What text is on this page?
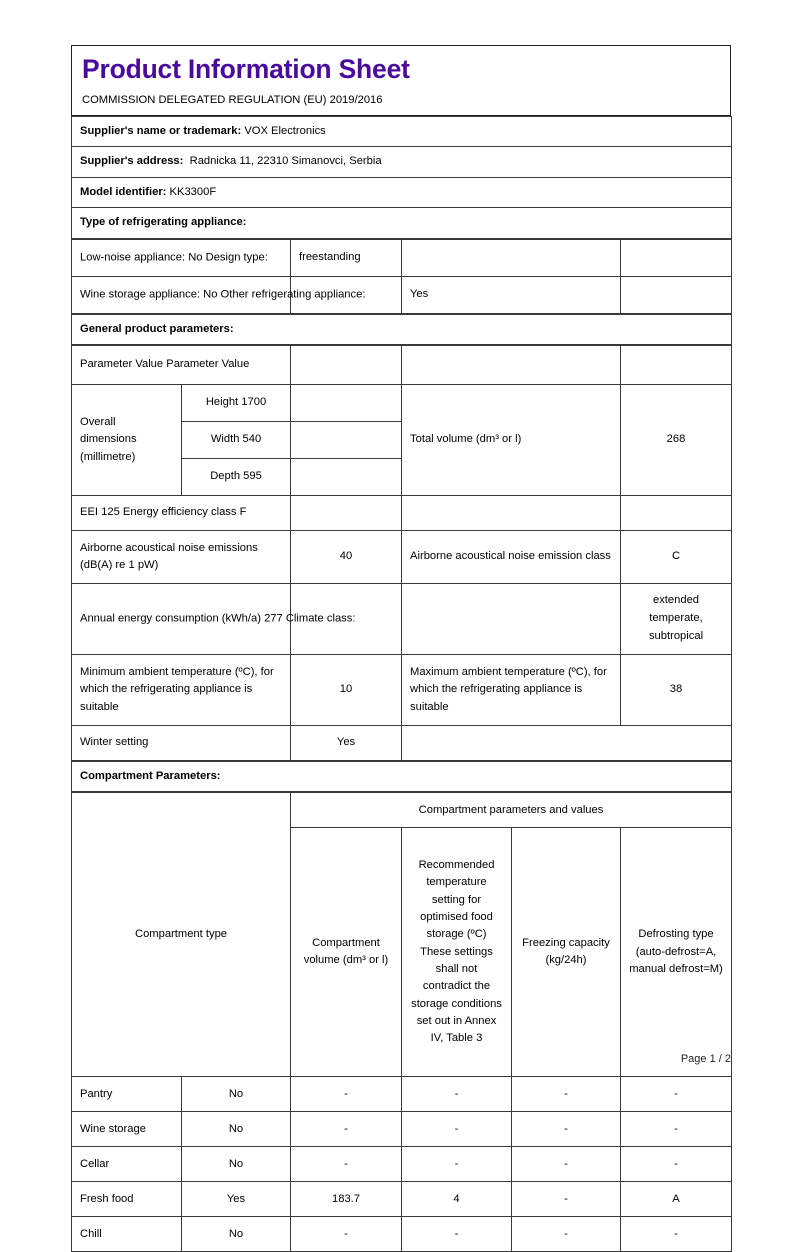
Product Information Sheet
COMMISSION DELEGATED REGULATION (EU) 2019/2016
Supplier's name or trademark: VOX Electronics
Supplier's address: Radnicka 11, 22310 Simanovci, Serbia
Model identifier: KK3300F
Type of refrigerating appliance:
Low-noise appliance: No Design type:	freestanding		

Wine storage appliance: No Other refrigerating appliance:		Yes	
General product parameters:
Parameter Value Parameter Value				
Overall dimensions (millimetre)	Height 1700		Total volume (dm³ or l)	268
	Width 540			
	Depth 595			
EEI 125 Energy efficiency class F				
Airborne acoustical noise emissions (dB(A) re 1 pW)		40	Airborne acoustical noise emission class	C

Annual energy consumption (kWh/a) 277 Climate class:				extended temperate, subtropical
Minimum ambient temperature (ºC), for which the refrigerating appliance is suitable		10	Maximum ambient temperature (ºC), for which the refrigerating appliance is suitable	38
Winter setting		Yes		
Compartment Parameters:
Compartment type		Compartment parameters and values			
		Compartment volume (dm³ or l)	Recommended temperature setting for optimised food storage (ºC) These settings shall not contradict the storage conditions set out in Annex IV, Table 3	Freezing capacity (kg/24h)	Defrosting type (auto-defrost=A, manual defrost=M)
Pantry	No	-	-	-	-
Wine storage	No	-	-	-	-
Cellar	No	-	-	-	-
Fresh food	Yes	183.7	4	-	A
Chill	No	-	-	-	-
Page 1 / 2
